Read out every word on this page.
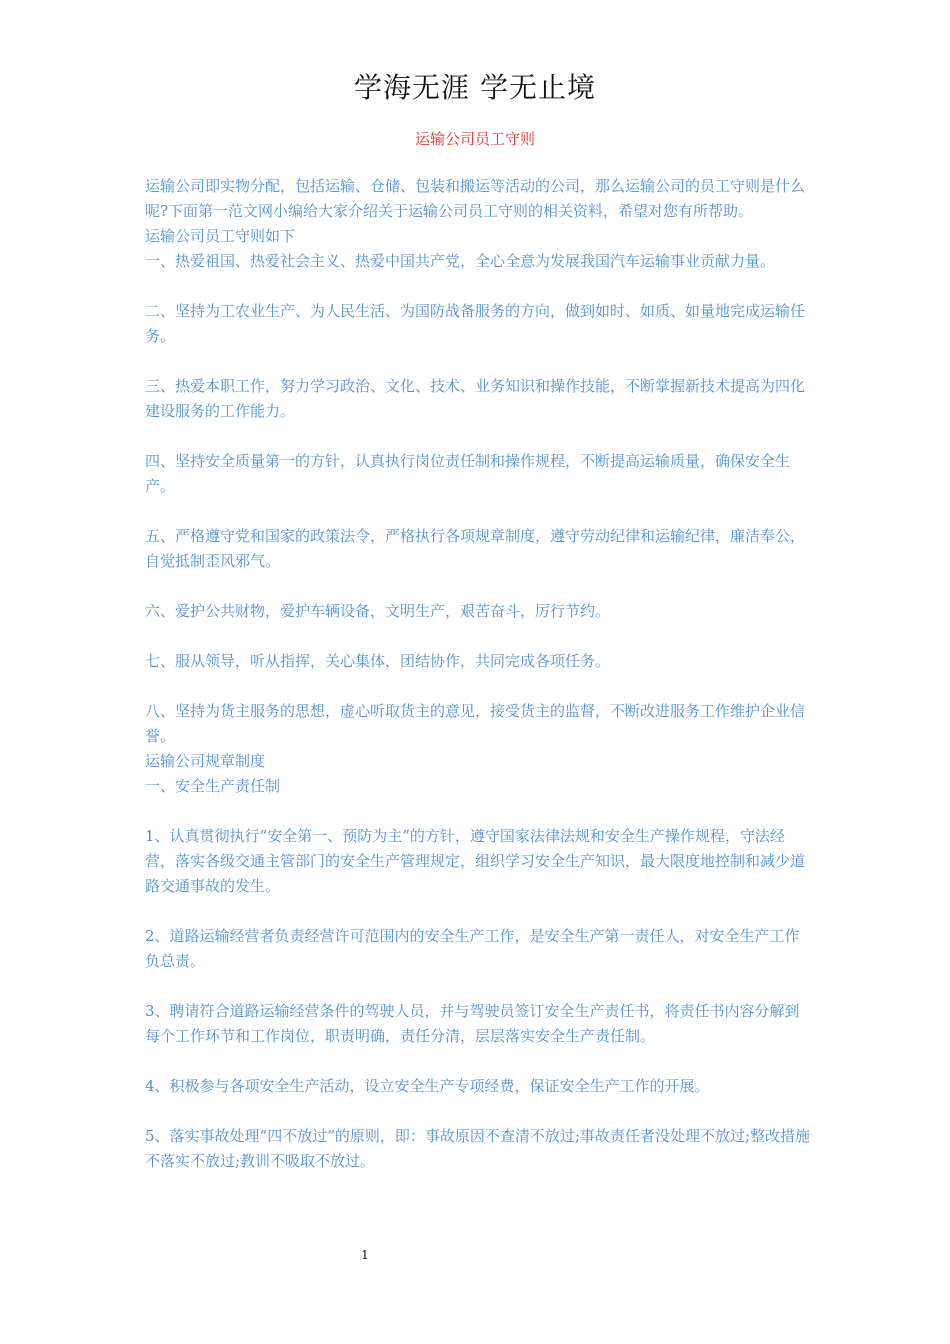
学海无涯 学无止境
运输公司员工守则

运输公司即实物分配，包括运输、仓储、包装和搬运等活动的公司，那么运输公司的员工守则是什么呢?下面第一范文网小编给大家介绍关于运输公司员工守则的相关资料，希望对您有所帮助。

运输公司员工守则如下

一、热爱祖国、热爱社会主义、热爱中国共产党，全心全意为发展我国汽车运输事业贡献力量。

二、坚持为工农业生产、为人民生活、为国防战备服务的方向，做到如时、如质、如量地完成运输任务。

三、热爱本职工作，努力学习政治、文化、技术、业务知识和操作技能，不断掌握新技术提高为四化建设服务的工作能力。

四、坚持安全质量第一的方针，认真执行岗位责任制和操作规程，不断提高运输质量，确保安全生产。

五、严格遵守党和国家的政策法令，严格执行各项规章制度，遵守劳动纪律和运输纪律，廉洁奉公，自觉抵制歪风邪气。

六、爱护公共财物，爱护车辆设备，文明生产，艰苦奋斗，厉行节约。

七、服从领导，听从指挥，关心集体，团结协作，共同完成各项任务。

八、坚持为货主服务的思想，虚心听取货主的意见，接受货主的监督，不断改进服务工作维护企业信誉。

运输公司规章制度

一、安全生产责任制

1、认真贯彻执行“安全第一、预防为主”的方针，遵守国家法律法规和安全生产操作规程，守法经营，落实各级交通主管部门的安全生产管理规定，组织学习安全生产知识，最大限度地控制和减少道路交通事故的发生。

2、道路运输经营者负责经营许可范围内的安全生产工作，是安全生产第一责任人，对安全生产工作负总责。

3、聘请符合道路运输经营条件的驾驶人员，并与驾驶员签订安全生产责任书，将责任书内容分解到每个工作环节和工作岗位，职责明确，责任分清，层层落实安全生产责任制。

4、积极参与各项安全生产活动，设立安全生产专项经费，保证安全生产工作的开展。

5、落实事故处理“四不放过”的原则，即：事故原因不查清不放过;事故责任者没处理不放过;整改措施不落实不放过;教训不吸取不放过。

1
